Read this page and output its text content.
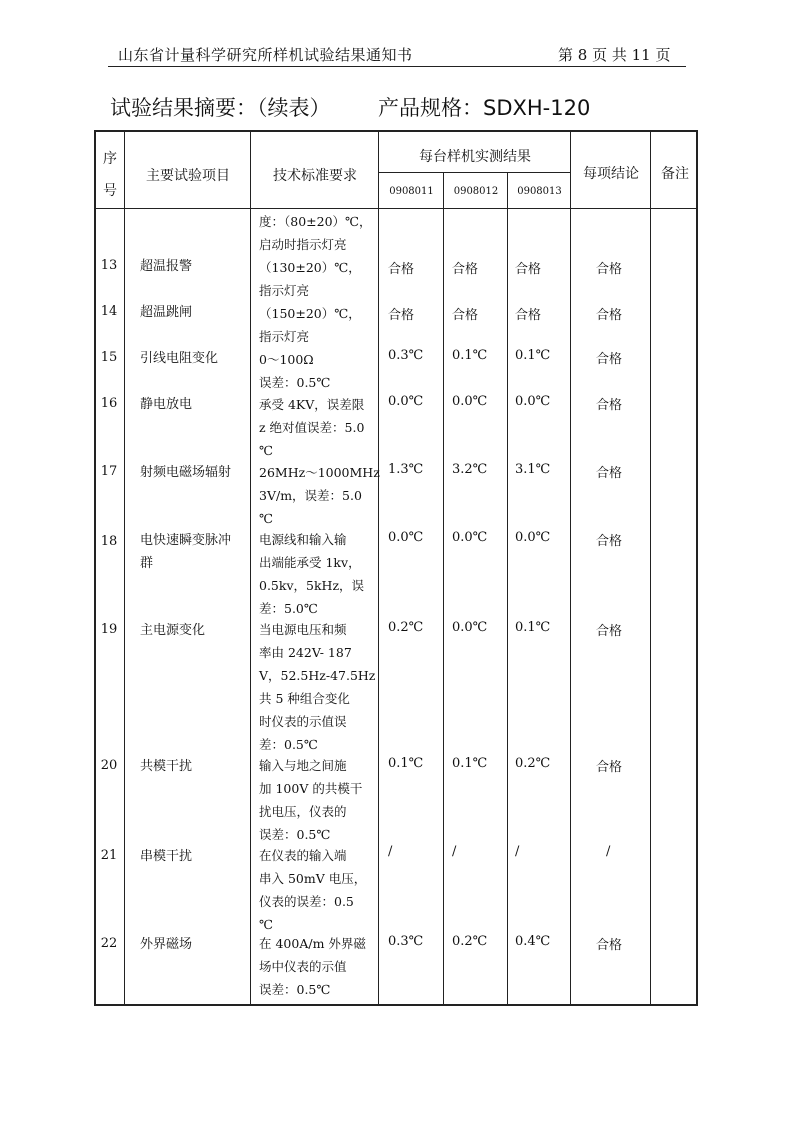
山东省计量科学研究所样机试验结果通知书	第 8 页 共 11 页
试验结果摘要：（续表） 产品规格：SDXH-120
序
号
主要试验项目	技术标准要求
每台样机实测结果
0908011	0908012	0908013
每项结论	备注
度：（80±20）℃，
启动时指示灯亮
13	超温报警	（130±20）℃，
指示灯亮
合格	合格	合格	合格
14	超温跳闸	（150±20）℃，
指示灯亮
合格	合格	合格	合格
15	引线电阻变化	0～100Ω
误差：0.5℃
0.3℃ 0.1℃ 0.1℃	合格
16	静电放电	承受 4KV，误差限
z 绝对值误差：5.0
℃
0.0℃ 0.0℃ 0.0℃	合格
17	射频电磁场辐射	26MHz～1000MHz
3V/m，误差：5.0
℃
1.3℃ 3.2℃ 3.1℃	合格
18	电快速瞬变脉冲
群
电源线和输入输
出端能承受 1kv，
0.5kv，5kHz，误
差：5.0℃
0.0℃ 0.0℃ 0.0℃	合格
19	主电源变化	当电源电压和频
率由 242V- 187
V，52.5Hz-47.5Hz
共 5 种组合变化
时仪表的示值误
差：0.5℃
0.2℃ 0.0℃ 0.1℃	合格
20	共模干扰	输入与地之间施
加 100V 的共模干
扰电压，仪表的
误差：0.5℃
0.1℃ 0.1℃ 0.2℃	合格
21	串模干扰	在仪表的输入端
串入 50mV 电压，
仪表的误差：0.5
℃
/	/	/	/
22	外界磁场	在 400A/m 外界磁
场中仪表的示值
误差：0.5℃
0.3℃ 0.2℃ 0.4℃	合格
